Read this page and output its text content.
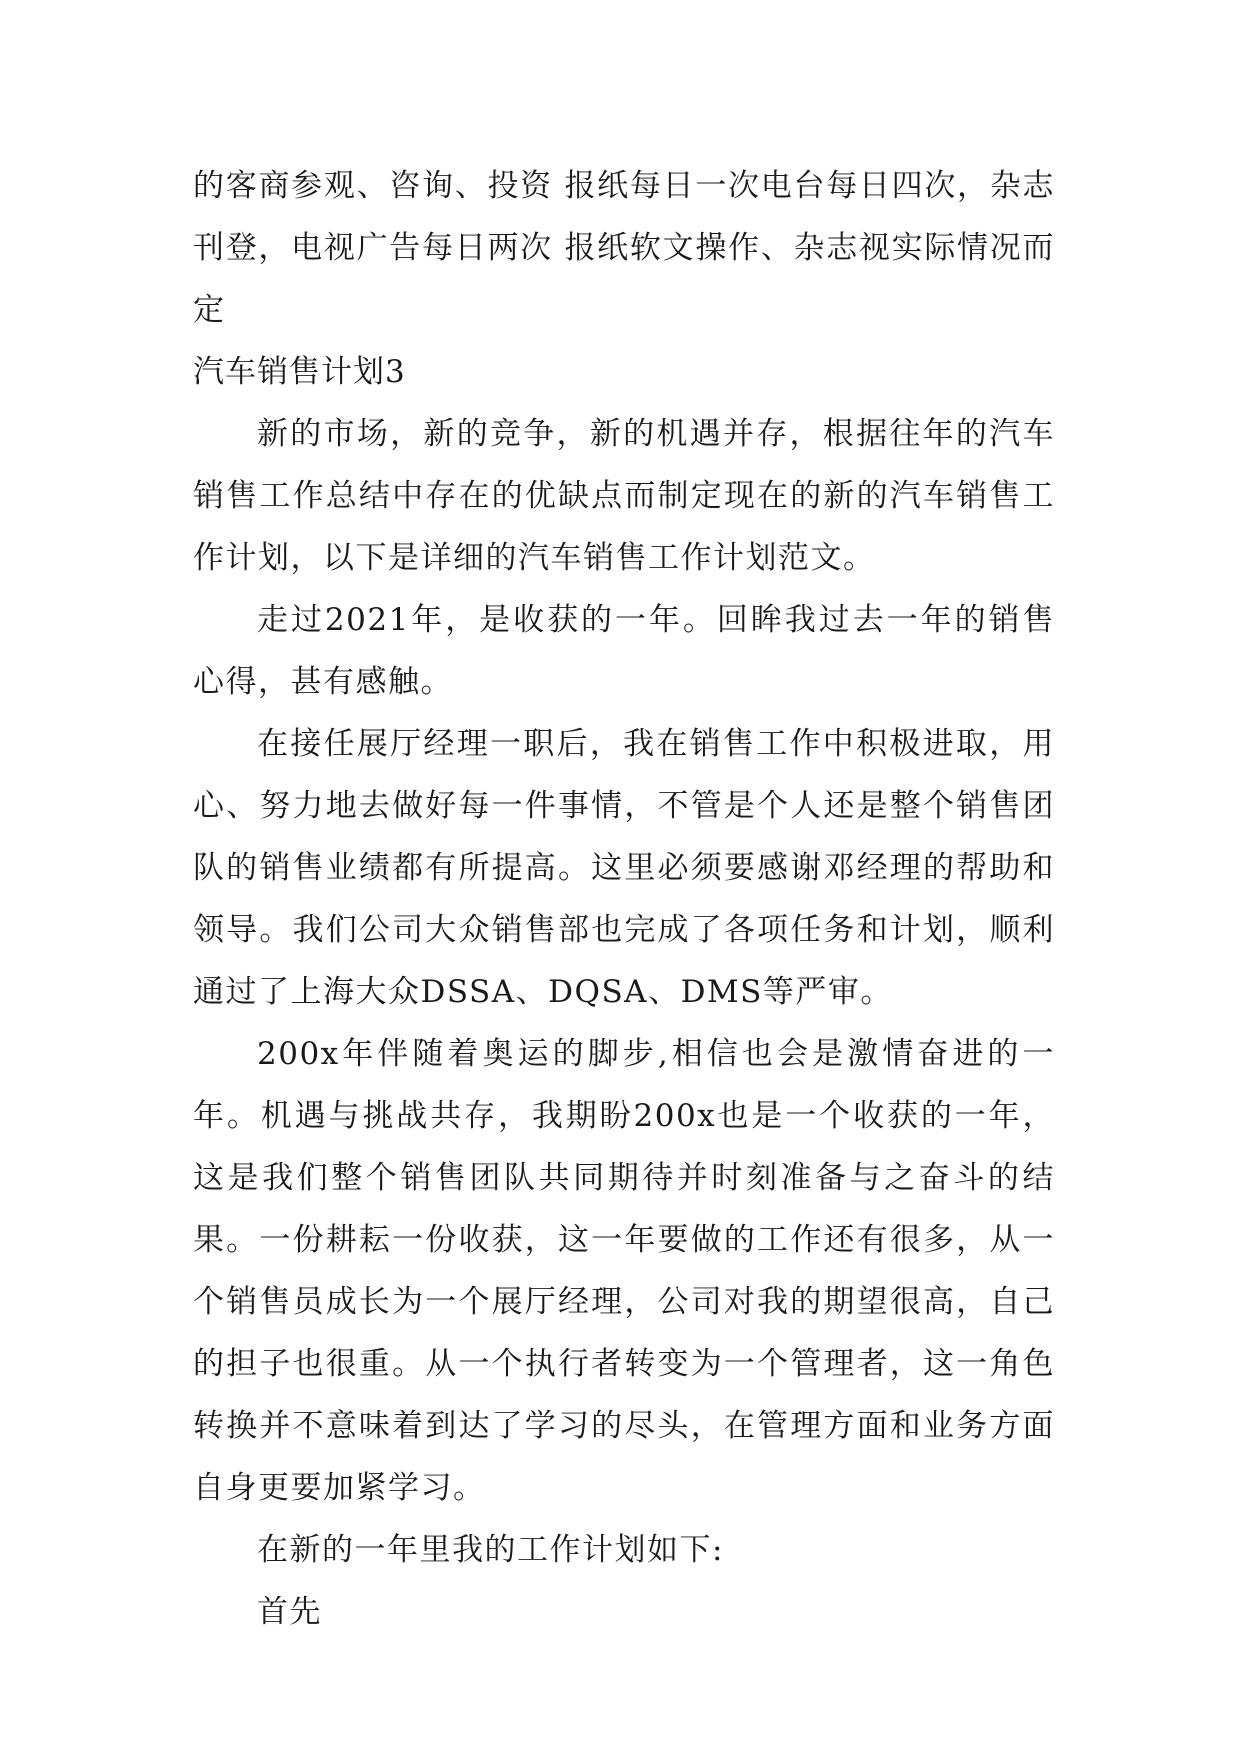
的客商参观、咨询、投资 报纸每日一次电台每日四次，杂志刊登，电视广告每日两次 报纸软文操作、杂志视实际情况而定

汽车销售计划3

新的市场，新的竞争，新的机遇并存，根据往年的汽车销售工作总结中存在的优缺点而制定现在的新的汽车销售工作计划，以下是详细的汽车销售工作计划范文。

走过2021年，是收获的一年。回眸我过去一年的销售心得，甚有感触。

在接任展厅经理一职后，我在销售工作中积极进取，用心、努力地去做好每一件事情，不管是个人还是整个销售团队的销售业绩都有所提高。这里必须要感谢邓经理的帮助和领导。我们公司大众销售部也完成了各项任务和计划，顺利通过了上海大众DSSA、DQSA、DMS等严审。

200x年伴随着奥运的脚步,相信也会是激情奋进的一年。机遇与挑战共存，我期盼200x也是一个收获的一年，这是我们整个销售团队共同期待并时刻准备与之奋斗的结果。一份耕耘一份收获，这一年要做的工作还有很多，从一个销售员成长为一个展厅经理，公司对我的期望很高，自己的担子也很重。从一个执行者转变为一个管理者，这一角色转换并不意味着到达了学习的尽头，在管理方面和业务方面自身更要加紧学习。

在新的一年里我的工作计划如下:

首先
